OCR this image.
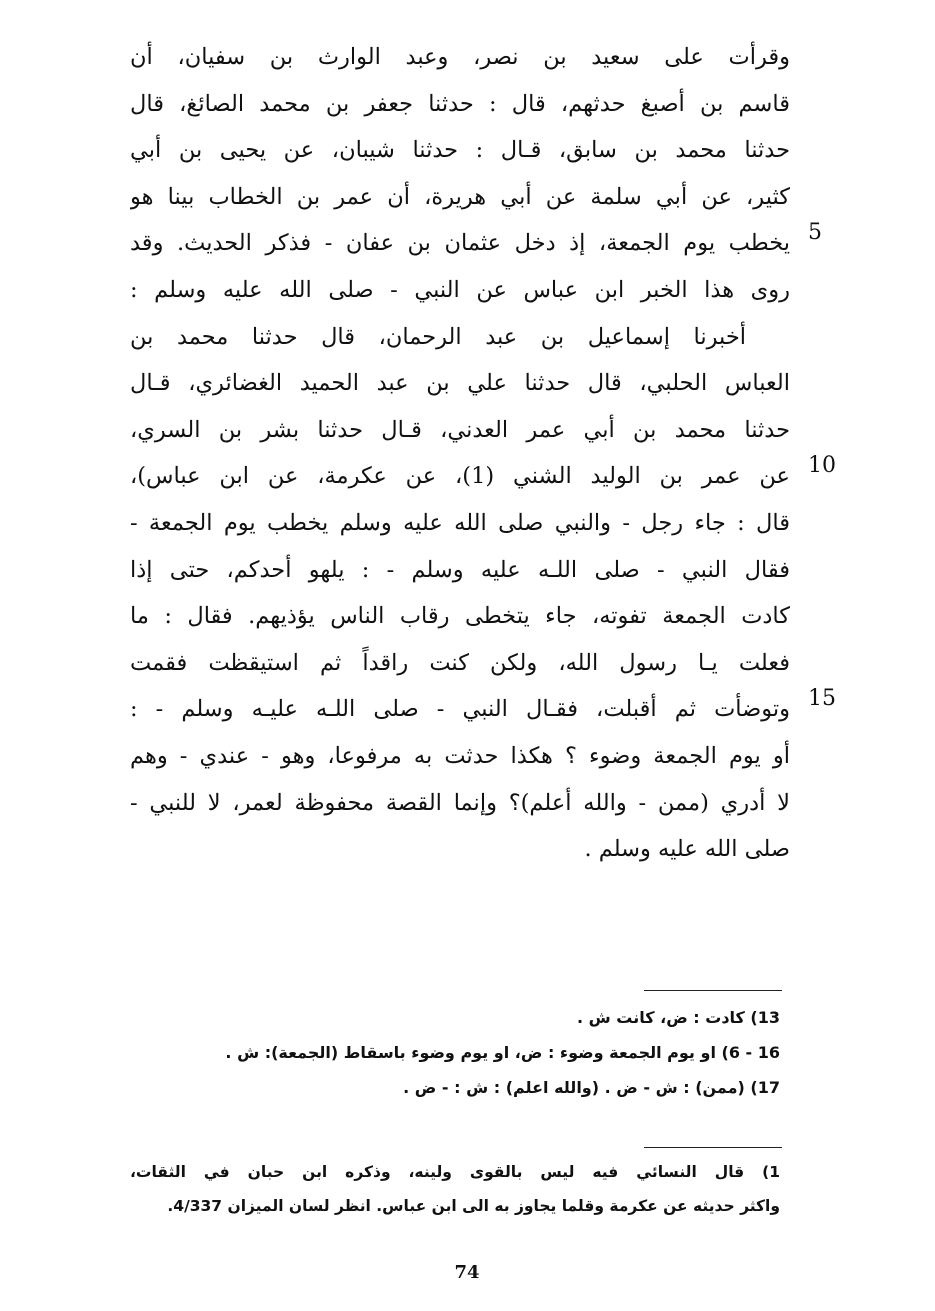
وقرأت على سعيد بن نصر، وعبد الوارث بن سفيان، أن
قاسم بن أصبغ حدثهم، قال : حدثنا جعفر بن محمد الصائغ، قال
حدثنا محمد بن سابق، قـال : حدثنا شيبان، عن يحيى بن أبي
كثير، عن أبي سلمة عن أبي هريرة، أن عمر بن الخطاب بينا هو
يخطب يوم الجمعة، إذ دخل عثمان بن عفان - فذكر الحديث. وقد
روى هذا الخبر ابن عباس عن النبي - صلى الله عليه وسلم :
أخبرنا إسماعيل بن عبد الرحمان، قال حدثنا محمد بن
العباس الحلبي، قال حدثنا علي بن عبد الحميد الغضائري، قـال
حدثنا محمد بن أبي عمر العدني، قـال حدثنا بشر بن السري،
عن عمر بن الوليد الشني (1)، عن عكرمة، عن ابن عباس)،
قال : جاء رجل - والنبي صلى الله عليه وسلم يخطب يوم الجمعة -
فقال النبي - صلى اللـه عليه وسلم - : يلهو أحدكم، حتى إذا
كادت الجمعة تفوته، جاء يتخطى رقاب الناس يؤذيهم. فقال : ما
فعلت يـا رسول الله، ولكن كنت راقداً ثم استيقظت فقمت
وتوضأت ثم أقبلت، فقـال النبي - صلى اللـه عليـه وسلم - :
أو يوم الجمعة وضوء ؟ هكذا حدثت به مرفوعا، وهو - عندي - وهم
لا أدري (ممن - والله أعلم)؟ وإنما القصة محفوظة لعمر، لا للنبي -
صلى الله عليه وسلم .
5
10
15
13) كادت : ض، كانت ش .
16 - 6) او يوم الجمعة وضوء : ض، او يوم وضوء باسقاط (الجمعة): ش .
17) (ممن) : ش - ض . (والله اعلم) : ش : - ض .
1) قال النسائي فيه ليس بالقوى ولينه، وذكره ابن حبان في الثقات،
واكثر حديثه عن عكرمة وقلما يجاوز به الى ابن عباس. انظر لسان الميزان 4/337.
74
